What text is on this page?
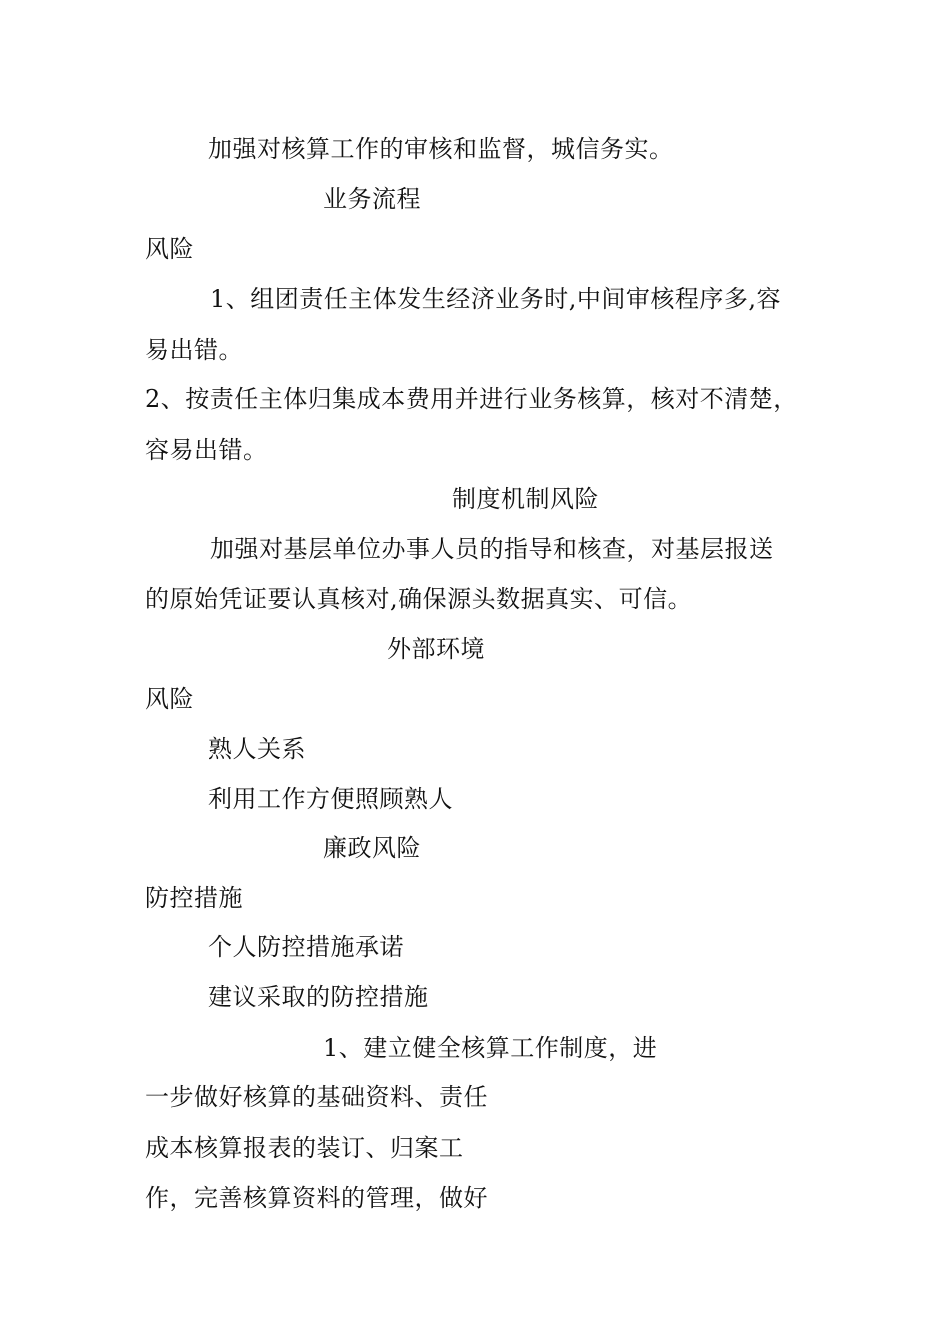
加强对核算工作的审核和监督，城信务实。
业务流程
风险
1、组团责任主体发生经济业务时,中间审核程序多,容
易出错。
2、按责任主体归集成本费用并进行业务核算，核对不清楚，
容易出错。
制度机制风险
加强对基层单位办事人员的指导和核查，对基层报送
的原始凭证要认真核对,确保源头数据真实、可信。
外部环境
风险
熟人关系
利用工作方便照顾熟人
廉政风险
防控措施
个人防控措施承诺
建议采取的防控措施
1、建立健全核算工作制度，进
一步做好核算的基础资料、责任
成本核算报表的装订、归案工
作，完善核算资料的管理，做好
